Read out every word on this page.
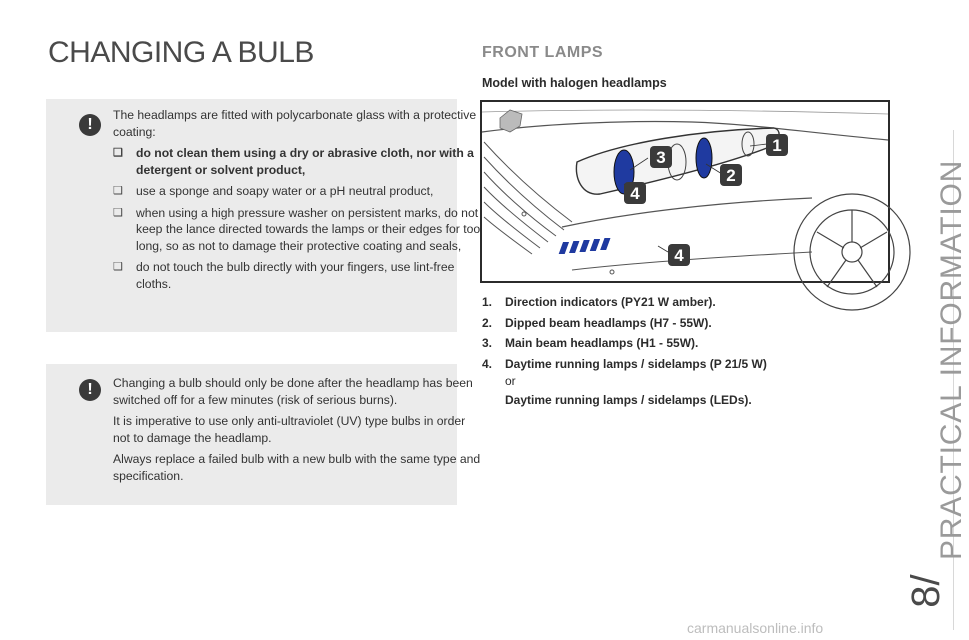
CHANGING A BULB
!

The headlamps are fitted with polycarbonate glass with a protective coating:

❑ do not clean them using a dry or abrasive cloth, nor with a detergent or solvent product,
❑ use a sponge and soapy water or a pH neutral product,
❑ when using a high pressure washer on persistent marks, do not keep the lance directed towards the lamps or their edges for too long, so as not to damage their protective coating and seals,
❑ do not touch the bulb directly with your fingers, use lint-free cloths.
!	Changing a bulb should only be done after the headlamp has been switched off for a few minutes (risk of serious burns).

It is imperative to use only anti-ultraviolet (UV) type bulbs in order not to damage the headlamp.

Always replace a failed bulb with a new bulb with the same type and specification.

FRONT LAMPS
Model with halogen headlamps
3
2
1
4
4
1. Direction indicators (PY21 W amber).
2. Dipped beam headlamps (H7 - 55W).
3. Main beam headlamps (H1 - 55W).
4. Daytime running lamps / sidelamps (P 21/5 W)
or
Daytime running lamps / sidelamps (LEDs).	PRACTICAL INFORMATION
8/
carmanualsonline.info
